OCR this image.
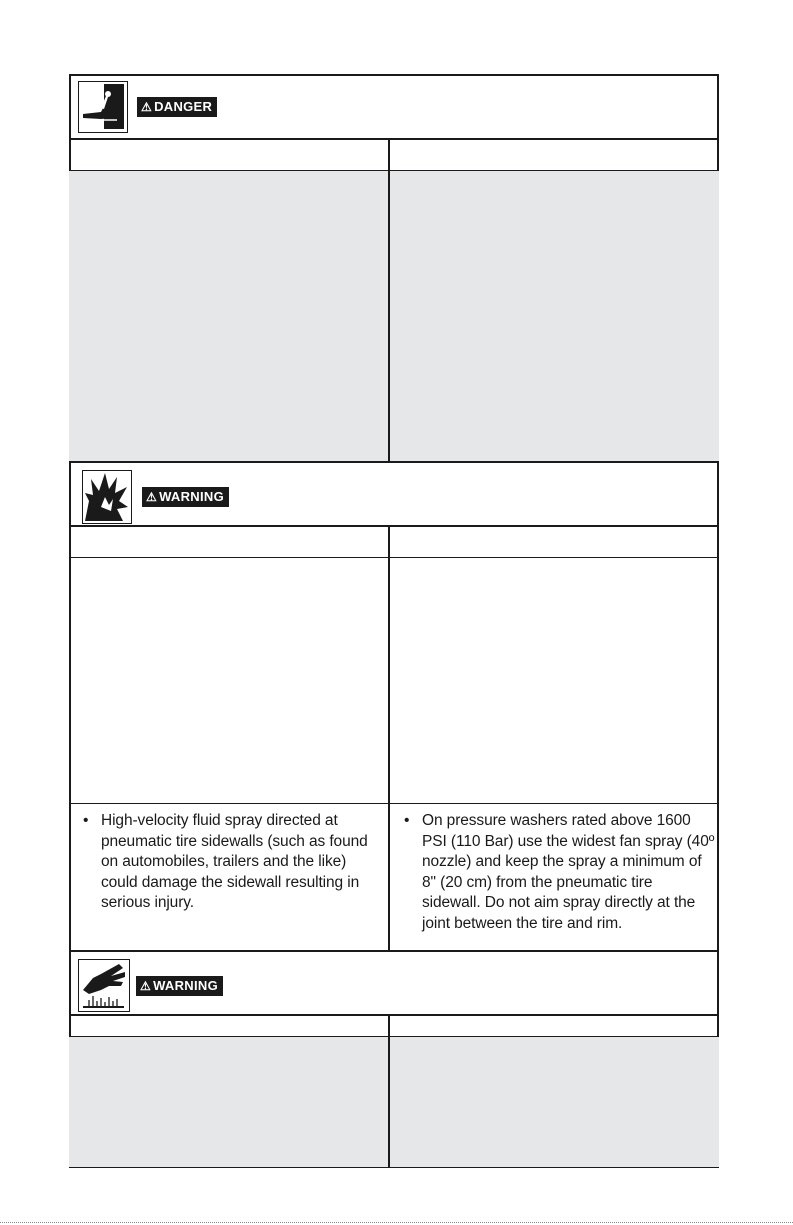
⚠ DANGER
⚠ WARNING
• High-velocity fluid spray directed at pneumatic tire sidewalls (such as found on automobiles, trailers and the like) could damage the sidewall resulting in serious injury.
• On pressure washers rated above 1600 PSI (110 Bar) use the widest fan spray (40º nozzle) and keep the spray a minimum of 8" (20 cm) from the pneumatic tire sidewall. Do not aim spray directly at the joint between the tire and rim.
⚠ WARNING
